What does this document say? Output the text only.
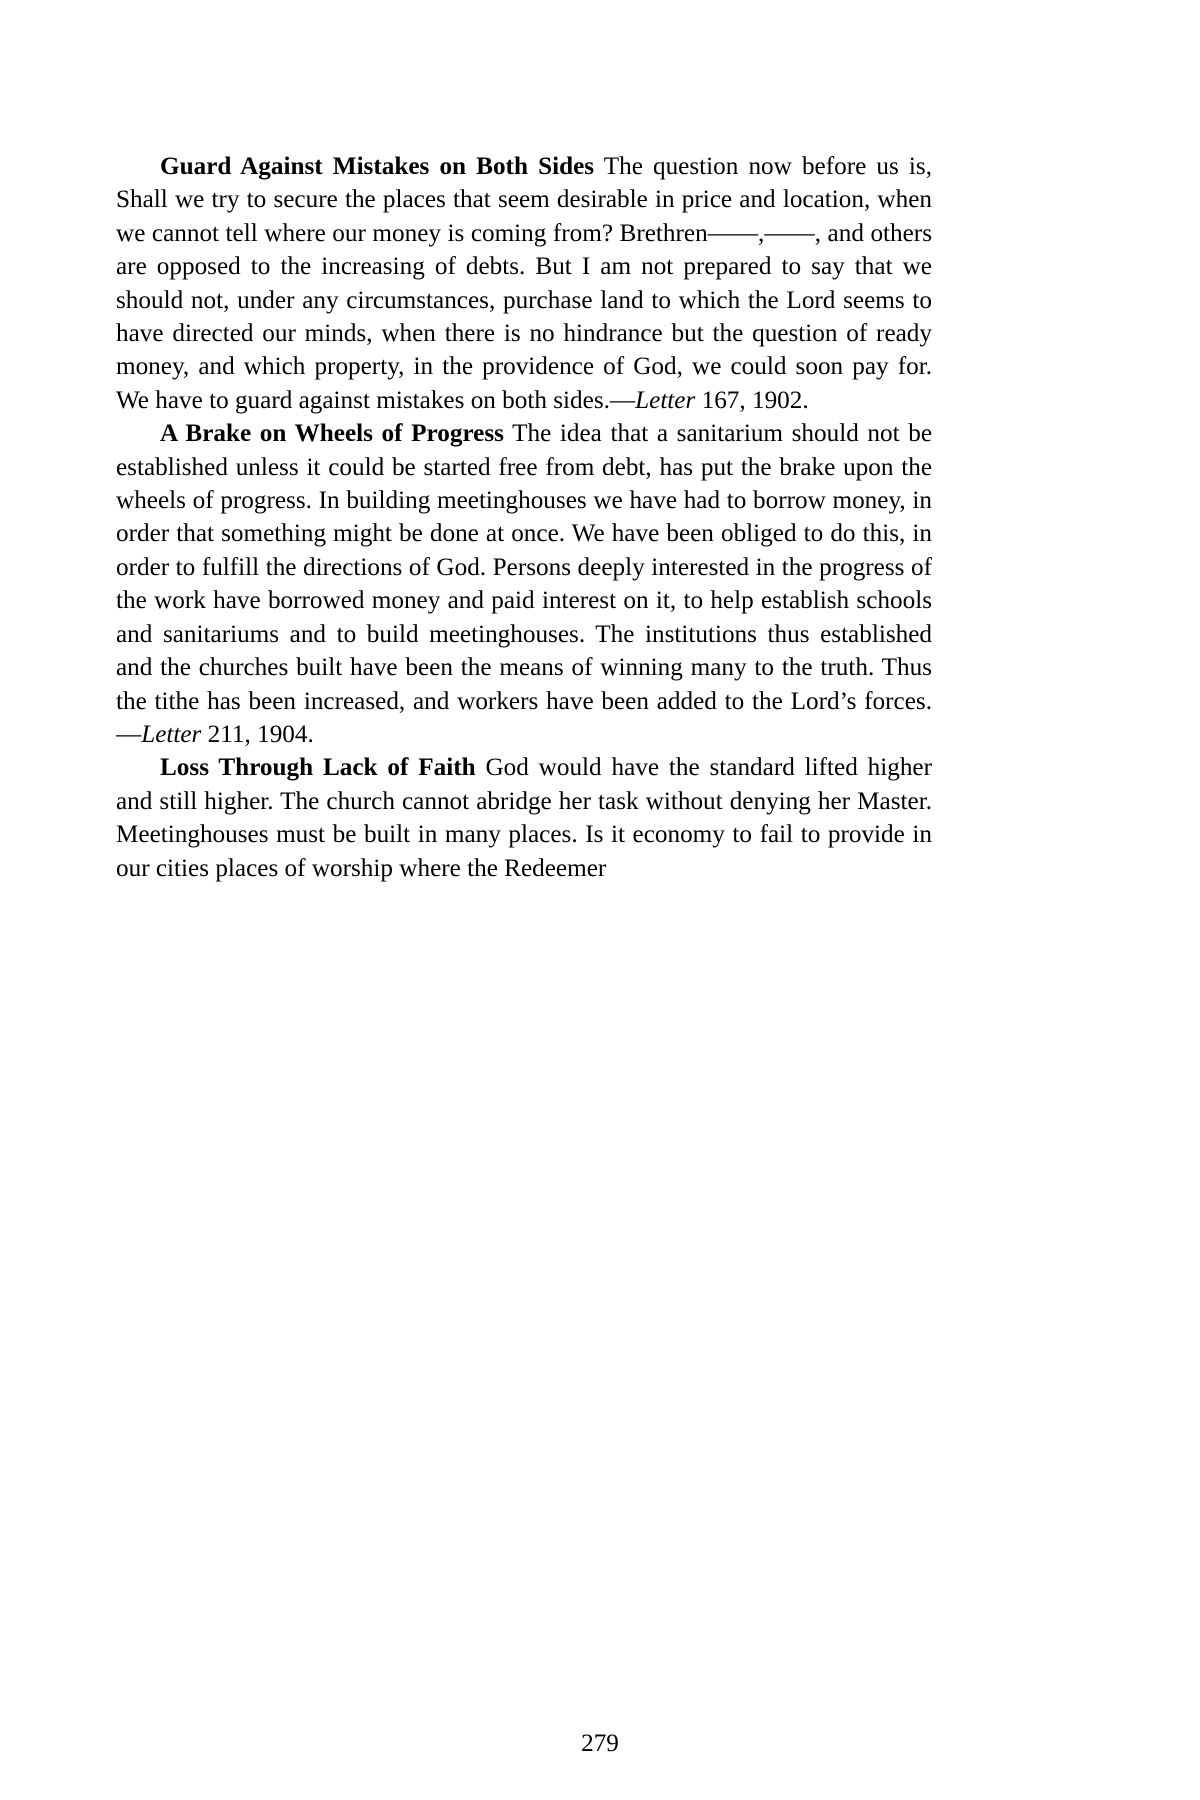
Guard Against Mistakes on Both Sides The question now before us is, Shall we try to secure the places that seem desirable in price and location, when we cannot tell where our money is coming from? Brethren——,——, and others are opposed to the increasing of debts. But I am not prepared to say that we should not, under any circumstances, purchase land to which the Lord seems to have directed our minds, when there is no hindrance but the question of ready money, and which property, in the providence of God, we could soon pay for. We have to guard against mistakes on both sides.—Letter 167, 1902.

A Brake on Wheels of Progress The idea that a sanitarium should not be established unless it could be started free from debt, has put the brake upon the wheels of progress. In building meetinghouses we have had to borrow money, in order that something might be done at once. We have been obliged to do this, in order to fulfill the directions of God. Persons deeply interested in the progress of the work have borrowed money and paid interest on it, to help establish schools and sanitariums and to build meetinghouses. The institutions thus established and the churches built have been the means of winning many to the truth. Thus the tithe has been increased, and workers have been added to the Lord’s forces.—Letter 211, 1904.

Loss Through Lack of Faith God would have the standard lifted higher and still higher. The church cannot abridge her task without denying her Master. Meetinghouses must be built in many places. Is it economy to fail to provide in our cities places of worship where the Redeemer

279
